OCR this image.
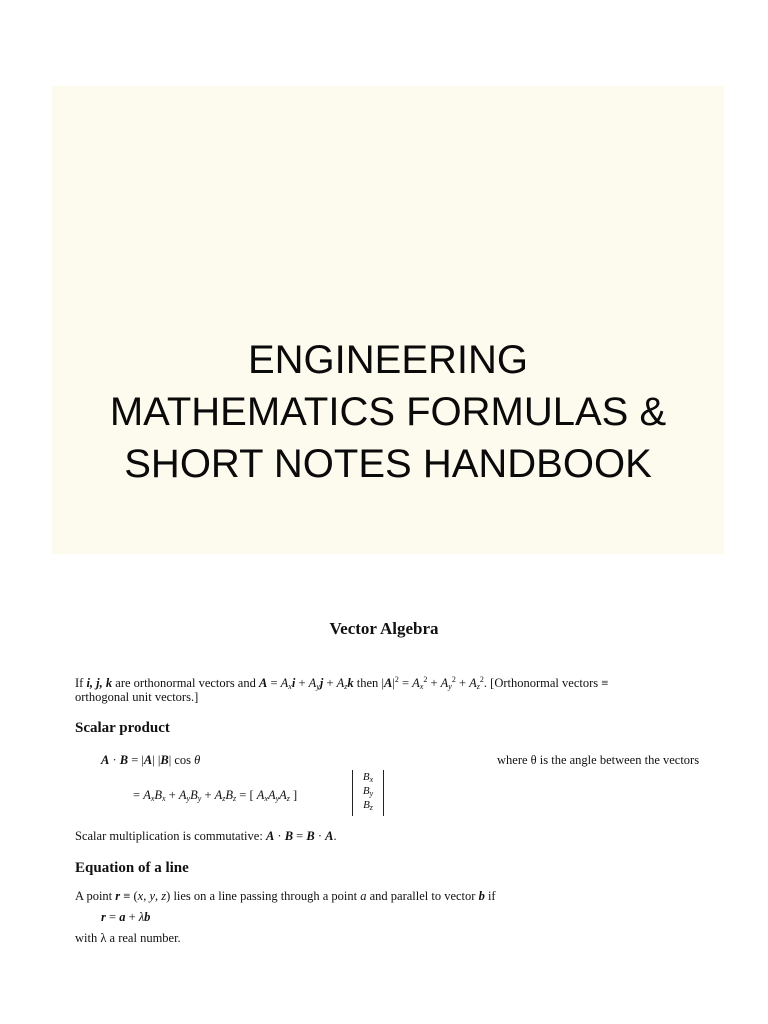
ENGINEERING
MATHEMATICS FORMULAS &
SHORT NOTES HANDBOOK
Vector Algebra
If i, j, k are orthonormal vectors and A = Axi + Ayj + Azk then $|A|^2 = Ax^2 + Ay^2 + Az^2$. [Orthonormal vectors ≡
orthogonal unit vectors.]
Scalar product
A · B = |A| |B| cos θ	where θ is the angle between the vectors
= AxBx + AyBy + AzBz = [ AxAyAz ]
Bx
By
Bz
Scalar multiplication is commutative: A · B = B · A.
Equation of a line
A point r ≡ (x, y, z) lies on a line passing through a point a and parallel to vector b if
r = a + λb
with λ a real number.
